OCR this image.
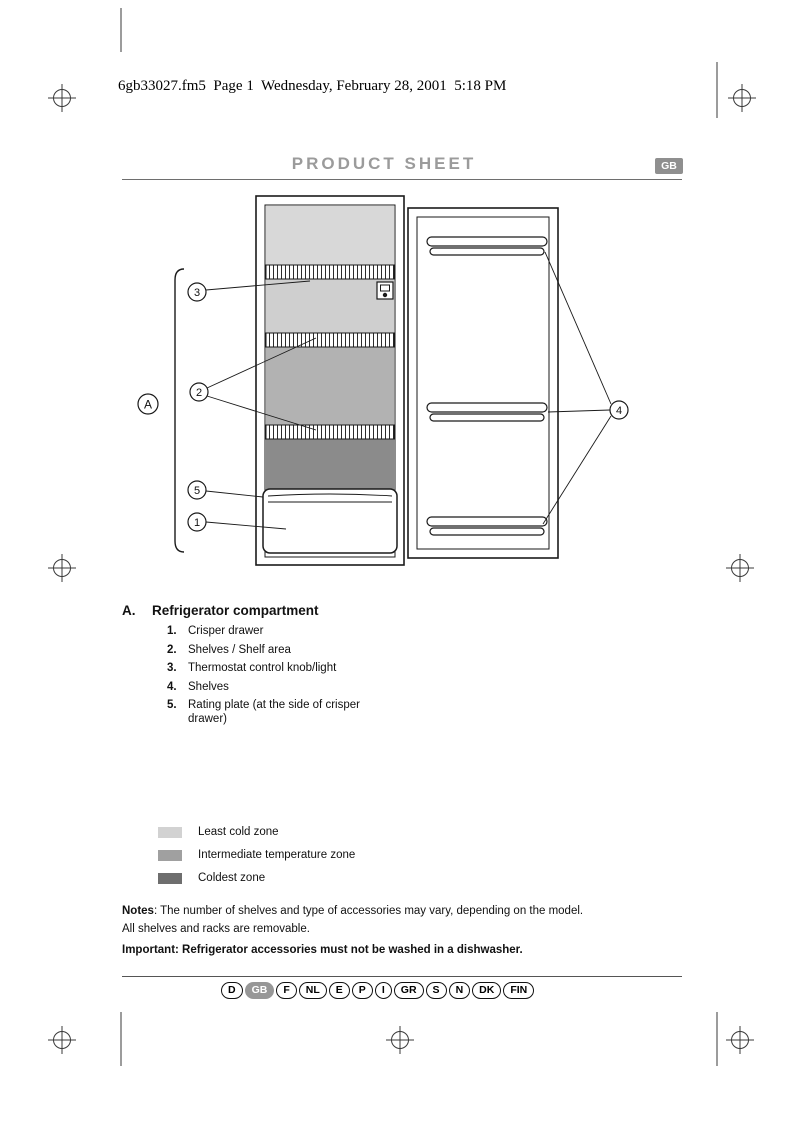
3
2
A
5
1
4
6gb33027.fm5  Page 1  Wednesday, February 28, 2001  5:18 PM
PRODUCT SHEET	GB
A. Refrigerator compartment
1. Crisper drawer
2. Shelves / Shelf area
3. Thermostat control knob/light
4. Shelves
5. Rating plate (at the side of crisper drawer)
Least cold zone
Intermediate temperature zone
Coldest zone

Notes: The number of shelves and type of accessories may vary, depending on the model.

All shelves and racks are removable.

Important: Refrigerator accessories must not be washed in a dishwasher.

D	GB	F	NL	E	P	I	GR	S	N	DK	FIN
